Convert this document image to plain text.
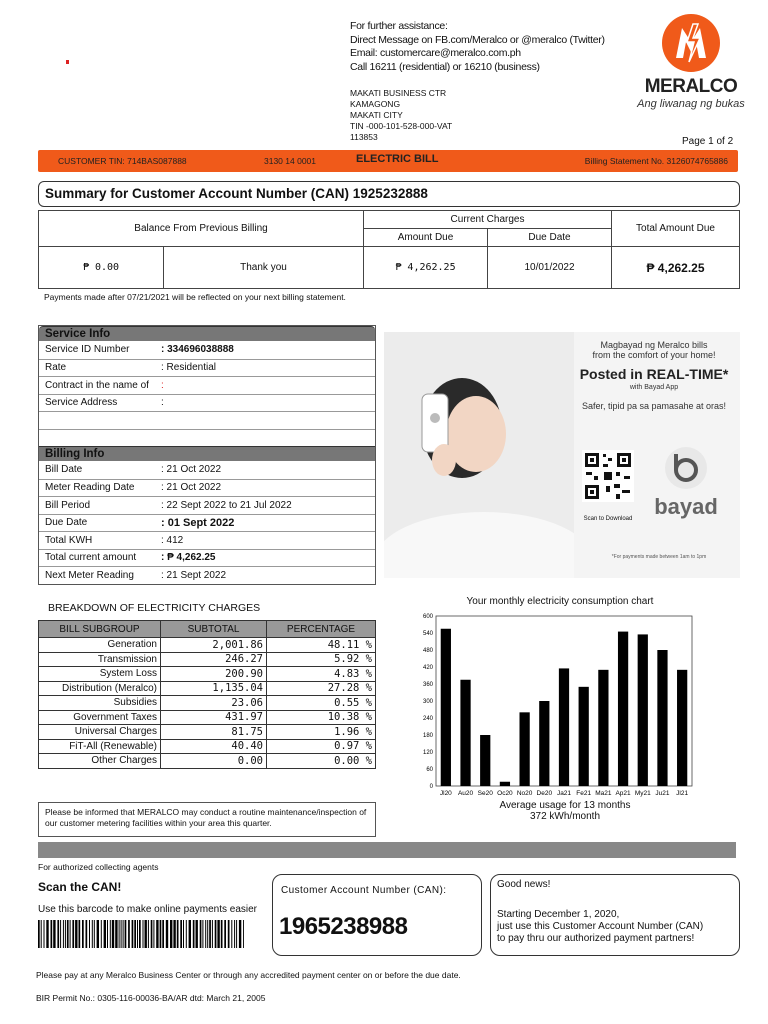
For further assistance:
Direct Message on FB.com/Meralco or @meralco (Twitter)
Email: customercare@meralco.com.ph
Call 16211 (residential) or 16210 (business)
MAKATI BUSINESS CTR
KAMAGONG
MAKATI CITY
TIN -000-101-528-000-VAT
113853
MERALCO
Ang liwanag ng bukas
Page 1 of 2
CUSTOMER TIN: 714BAS087888	3130 14 0001	ELECTRIC BILL	Billing Statement No. 3126074765886
Summary for Customer Account Number (CAN) 1925232888
Balance From Previous Billing		Current Charges		Total Amount Due
		Amount Due	Due Date	
₱ 0.00	Thank you	₱ 4,262.25	10/01/2022	₱ 4,262.25
Payments made after 07/21/2021 will be reflected on your next billing statement.
Service Info
Service ID Number	: 334696038888
Rate	: Residential
Contract in the name of	:
Service Address	:
Billing Info
Bill Date	: 21 Oct 2022
Meter Reading Date	: 21 Oct 2022
Bill Period	: 22 Sept 2022 to 21 Jul 2022
Due Date	: 01 Sept 2022
Total KWH	: 412
Total current amount	: ₱ 4,262.25
Next Meter Reading	: 21 Sept 2022
Magbayad ng Meralco bills
from the comfort of your home!
Posted in REAL-TIME*
with Bayad App
Safer, tipid pa sa pamasahe at oras!
Scan to Download bayad
*For payments made between 1am to 1pm
BREAKDOWN OF ELECTRICITY CHARGES
BILL SUBGROUP	SUBTOTAL	PERCENTAGE
Generation	2,001.86	48.11 %
Transmission	246.27	5.92 %
System Loss	200.90	4.83 %
Distribution (Meralco)	1,135.04	27.28 %
Subsidies	23.06	0.55 %
Government Taxes	431.97	10.38 %
Universal Charges	81.75	1.96 %
FiT-All (Renewable)	40.40	0.97 %
Other Charges	0.00	0.00 %
Please be informed that MERALCO may conduct a routine maintenance/inspection of our customer metering facilities within your area this quarter.
Your monthly electricity consumption chart
0
60
120
180
240
300
360
420
480
540
600
Jl20 Au20 Se20 Oc20 No20 De20 Ja21 Fe21 Ma21 Ap21 My21 Ju21 Jl21
Average usage for 13 months
372 kWh/month
For authorized collecting agents
Scan the CAN!
Use this barcode to make online payments easier
Customer Account Number (CAN):
1965238988
Good news!
Starting December 1, 2020,
just use this Customer Account Number (CAN)
to pay thru our authorized payment partners!
Please pay at any Meralco Business Center or through any accredited payment center on or before the due date.
BIR Permit No.: 0305-116-00036-BA/AR dtd: March 21, 2005
